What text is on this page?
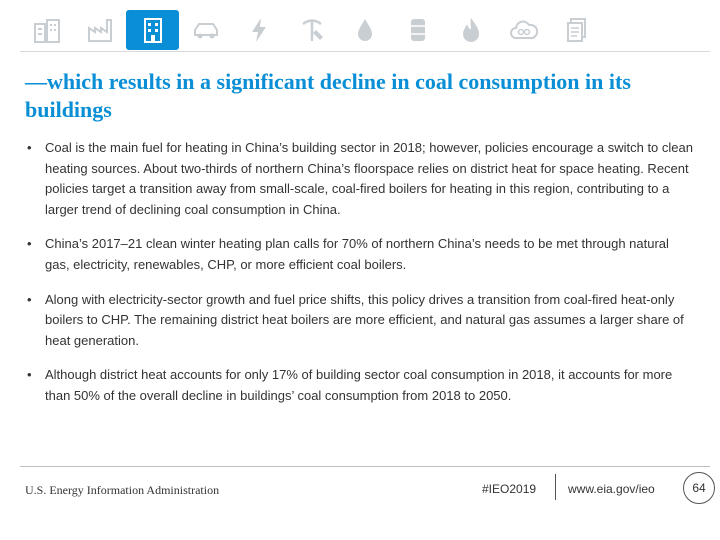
—which results in a significant decline in coal consumption in its buildings
• Coal is the main fuel for heating in China’s building sector in 2018; however, policies encourage a switch to clean heating sources. About two-thirds of northern China’s floorspace relies on district heat for space heating. Recent policies target a transition away from small-scale, coal-fired boilers for heating in this region, contributing to a larger trend of declining coal consumption in China.
• China’s 2017–21 clean winter heating plan calls for 70% of northern China’s needs to be met through natural gas, electricity, renewables, CHP, or more efficient coal boilers.
• Along with electricity-sector growth and fuel price shifts, this policy drives a transition from coal-fired heat-only boilers to CHP. The remaining district heat boilers are more efficient, and natural gas assumes a larger share of heat generation.
• Although district heat accounts for only 17% of building sector coal consumption in 2018, it accounts for more than 50% of the overall decline in buildings’ coal consumption from 2018 to 2050.
U.S. Energy Information Administration	#IEO2019	www.eia.gov/ieo	64
